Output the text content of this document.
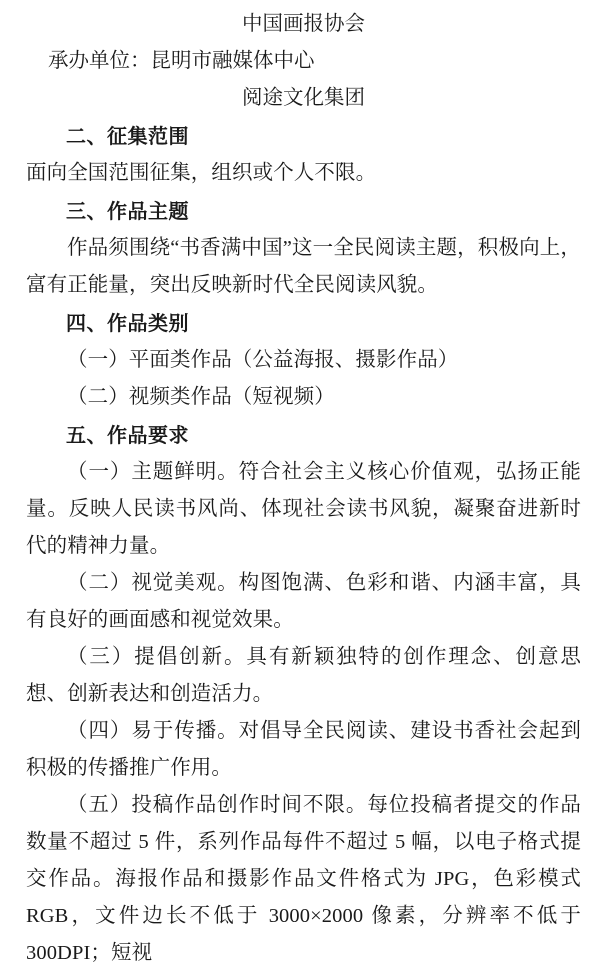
中国画报协会
承办单位：昆明市融媒体中心
阅途文化集团
二、征集范围
面向全国范围征集，组织或个人不限。
三、作品主题
作品须围绕“书香满中国”这一全民阅读主题，积极向上，富有正能量，突出反映新时代全民阅读风貌。
四、作品类别
（一）平面类作品（公益海报、摄影作品）
（二）视频类作品（短视频）
五、作品要求
（一）主题鲜明。符合社会主义核心价值观，弘扬正能量。反映人民读书风尚、体现社会读书风貌，凝聚奋进新时代的精神力量。
（二）视觉美观。构图饱满、色彩和谐、内涵丰富，具有良好的画面感和视觉效果。
（三）提倡创新。具有新颖独特的创作理念、创意思想、创新表达和创造活力。
（四）易于传播。对倡导全民阅读、建设书香社会起到积极的传播推广作用。
（五）投稿作品创作时间不限。每位投稿者提交的作品数量不超过 5 件，系列作品每件不超过 5 幅，以电子格式提交作品。海报作品和摄影作品文件格式为 JPG，色彩模式 RGB，文件边长不低于 3000×2000 像素，分辨率不低于 300DPI；短视
